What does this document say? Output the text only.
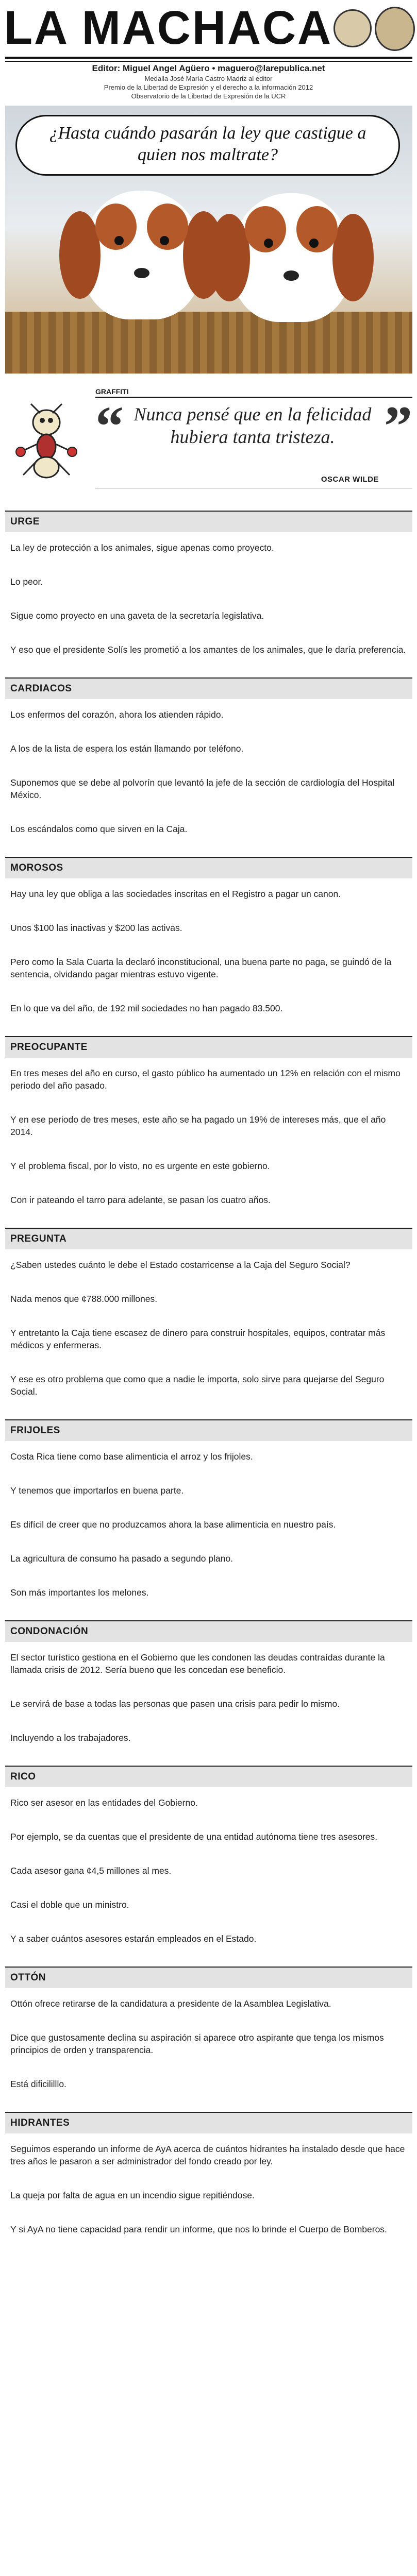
LA MACHACA
Editor: Miguel Angel Agüero • maguero@larepublica.net
Medalla José María Castro Madriz al editor
Premio de la Libertad de Expresión y el derecho a la información 2012
Observatorio de la Libertad de Expresión de la UCR
¿Hasta cuándo pasarán la ley que castigue a quien nos maltrate?
GRAFFITI
“ Nunca pensé que en la felicidad hubiera tanta tristeza. ”
OSCAR WILDE
URGE

La ley de protección a los animales, sigue apenas como proyecto.

Lo peor.

Sigue como proyecto en una gaveta de la secretaría legislativa.

Y eso que el presidente Solís les prometió a los amantes de los animales, que le daría preferencia.

CARDIACOS

Los enfermos del corazón, ahora los atienden rápido.

A los de la lista de espera los están llamando por teléfono.

Suponemos que se debe al polvorín que levantó la jefe de la sección de cardiología del Hospital México.

Los escándalos como que sirven en la Caja.

MOROSOS

Hay una ley que obliga a las sociedades inscritas en el Registro a pagar un canon.

Unos $100 las inactivas y $200 las activas.

Pero como la Sala Cuarta la declaró inconstitucional, una buena parte no paga, se guindó de la sentencia, olvidando pagar mientras estuvo vigente.

En lo que va del año, de 192 mil sociedades no han pagado 83.500.

PREOCUPANTE

En tres meses del año en curso, el gasto público ha aumentado un 12% en relación con el mismo periodo del año pasado.

Y en ese periodo de tres meses, este año se ha pagado un 19% de intereses más, que el año 2014.

Y el problema fiscal, por lo visto, no es urgente en este gobierno.

Con ir pateando el tarro para adelante, se pasan los cuatro años.

PREGUNTA

¿Saben ustedes cuánto le debe el Estado costarricense a la Caja del Seguro Social?

Nada menos que ¢788.000 millones.

Y entretanto la Caja tiene escasez de dinero para construir hospitales, equipos, contratar más médicos y enfermeras.

Y ese es otro problema que como que a nadie le importa, solo sirve para quejarse del Seguro Social.

FRIJOLES

Costa Rica tiene como base alimenticia el arroz y los frijoles.

Y tenemos que importarlos en buena parte.

Es difícil de creer que no produzcamos ahora la base alimenticia en nuestro país.

La agricultura de consumo ha pasado a segundo plano.

Son más importantes los melones.

CONDONACIÓN

El sector turístico gestiona en el Gobierno que les condonen las deudas contraídas durante la llamada crisis de 2012. Sería bueno que les concedan ese beneficio.

Le servirá de base a todas las personas que pasen una crisis para pedir lo mismo.

Incluyendo a los trabajadores.

RICO

Rico ser asesor en las entidades del Gobierno.

Por ejemplo, se da cuentas que el presidente de una entidad autónoma tiene tres asesores.

Cada asesor gana ¢4,5 millones al mes.

Casi el doble que un ministro.

Y a saber cuántos asesores estarán empleados en el Estado.

OTTÓN

Ottón ofrece retirarse de la candidatura a presidente de la Asamblea Legislativa.

Dice que gustosamente declina su aspiración si aparece otro aspirante que tenga los mismos principios de orden y transparencia.

Está dificililllo.

HIDRANTES

Seguimos esperando un informe de AyA acerca de cuántos hidrantes ha instalado desde que hace tres años le pasaron a ser administrador del fondo creado por ley.

La queja por falta de agua en un incendio sigue repitiéndose.

Y si AyA no tiene capacidad para rendir un informe, que nos lo brinde el Cuerpo de Bomberos.
